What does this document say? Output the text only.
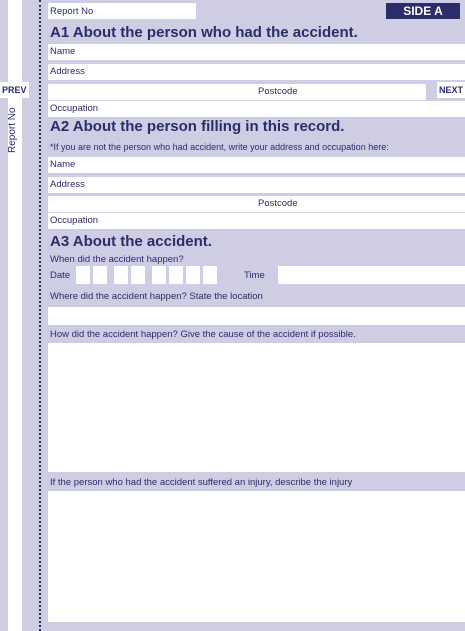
PREV	NEXT
Report No
Report No	SIDE A
A1 About the person who had the accident.
Name
Address
Postcode
Occupation
A2 About the person filling in this record.
*If you are not the person who had accident, write your address and occupation here:
Name
Address
Postcode
Occupation
A3 About the accident.
When did the accident happen?
Date	Time
Where did the accident happen? State the location
How did the accident happen? Give the cause of the accident if possible.
If the person who had the accident suffered an injury, describe the injury
